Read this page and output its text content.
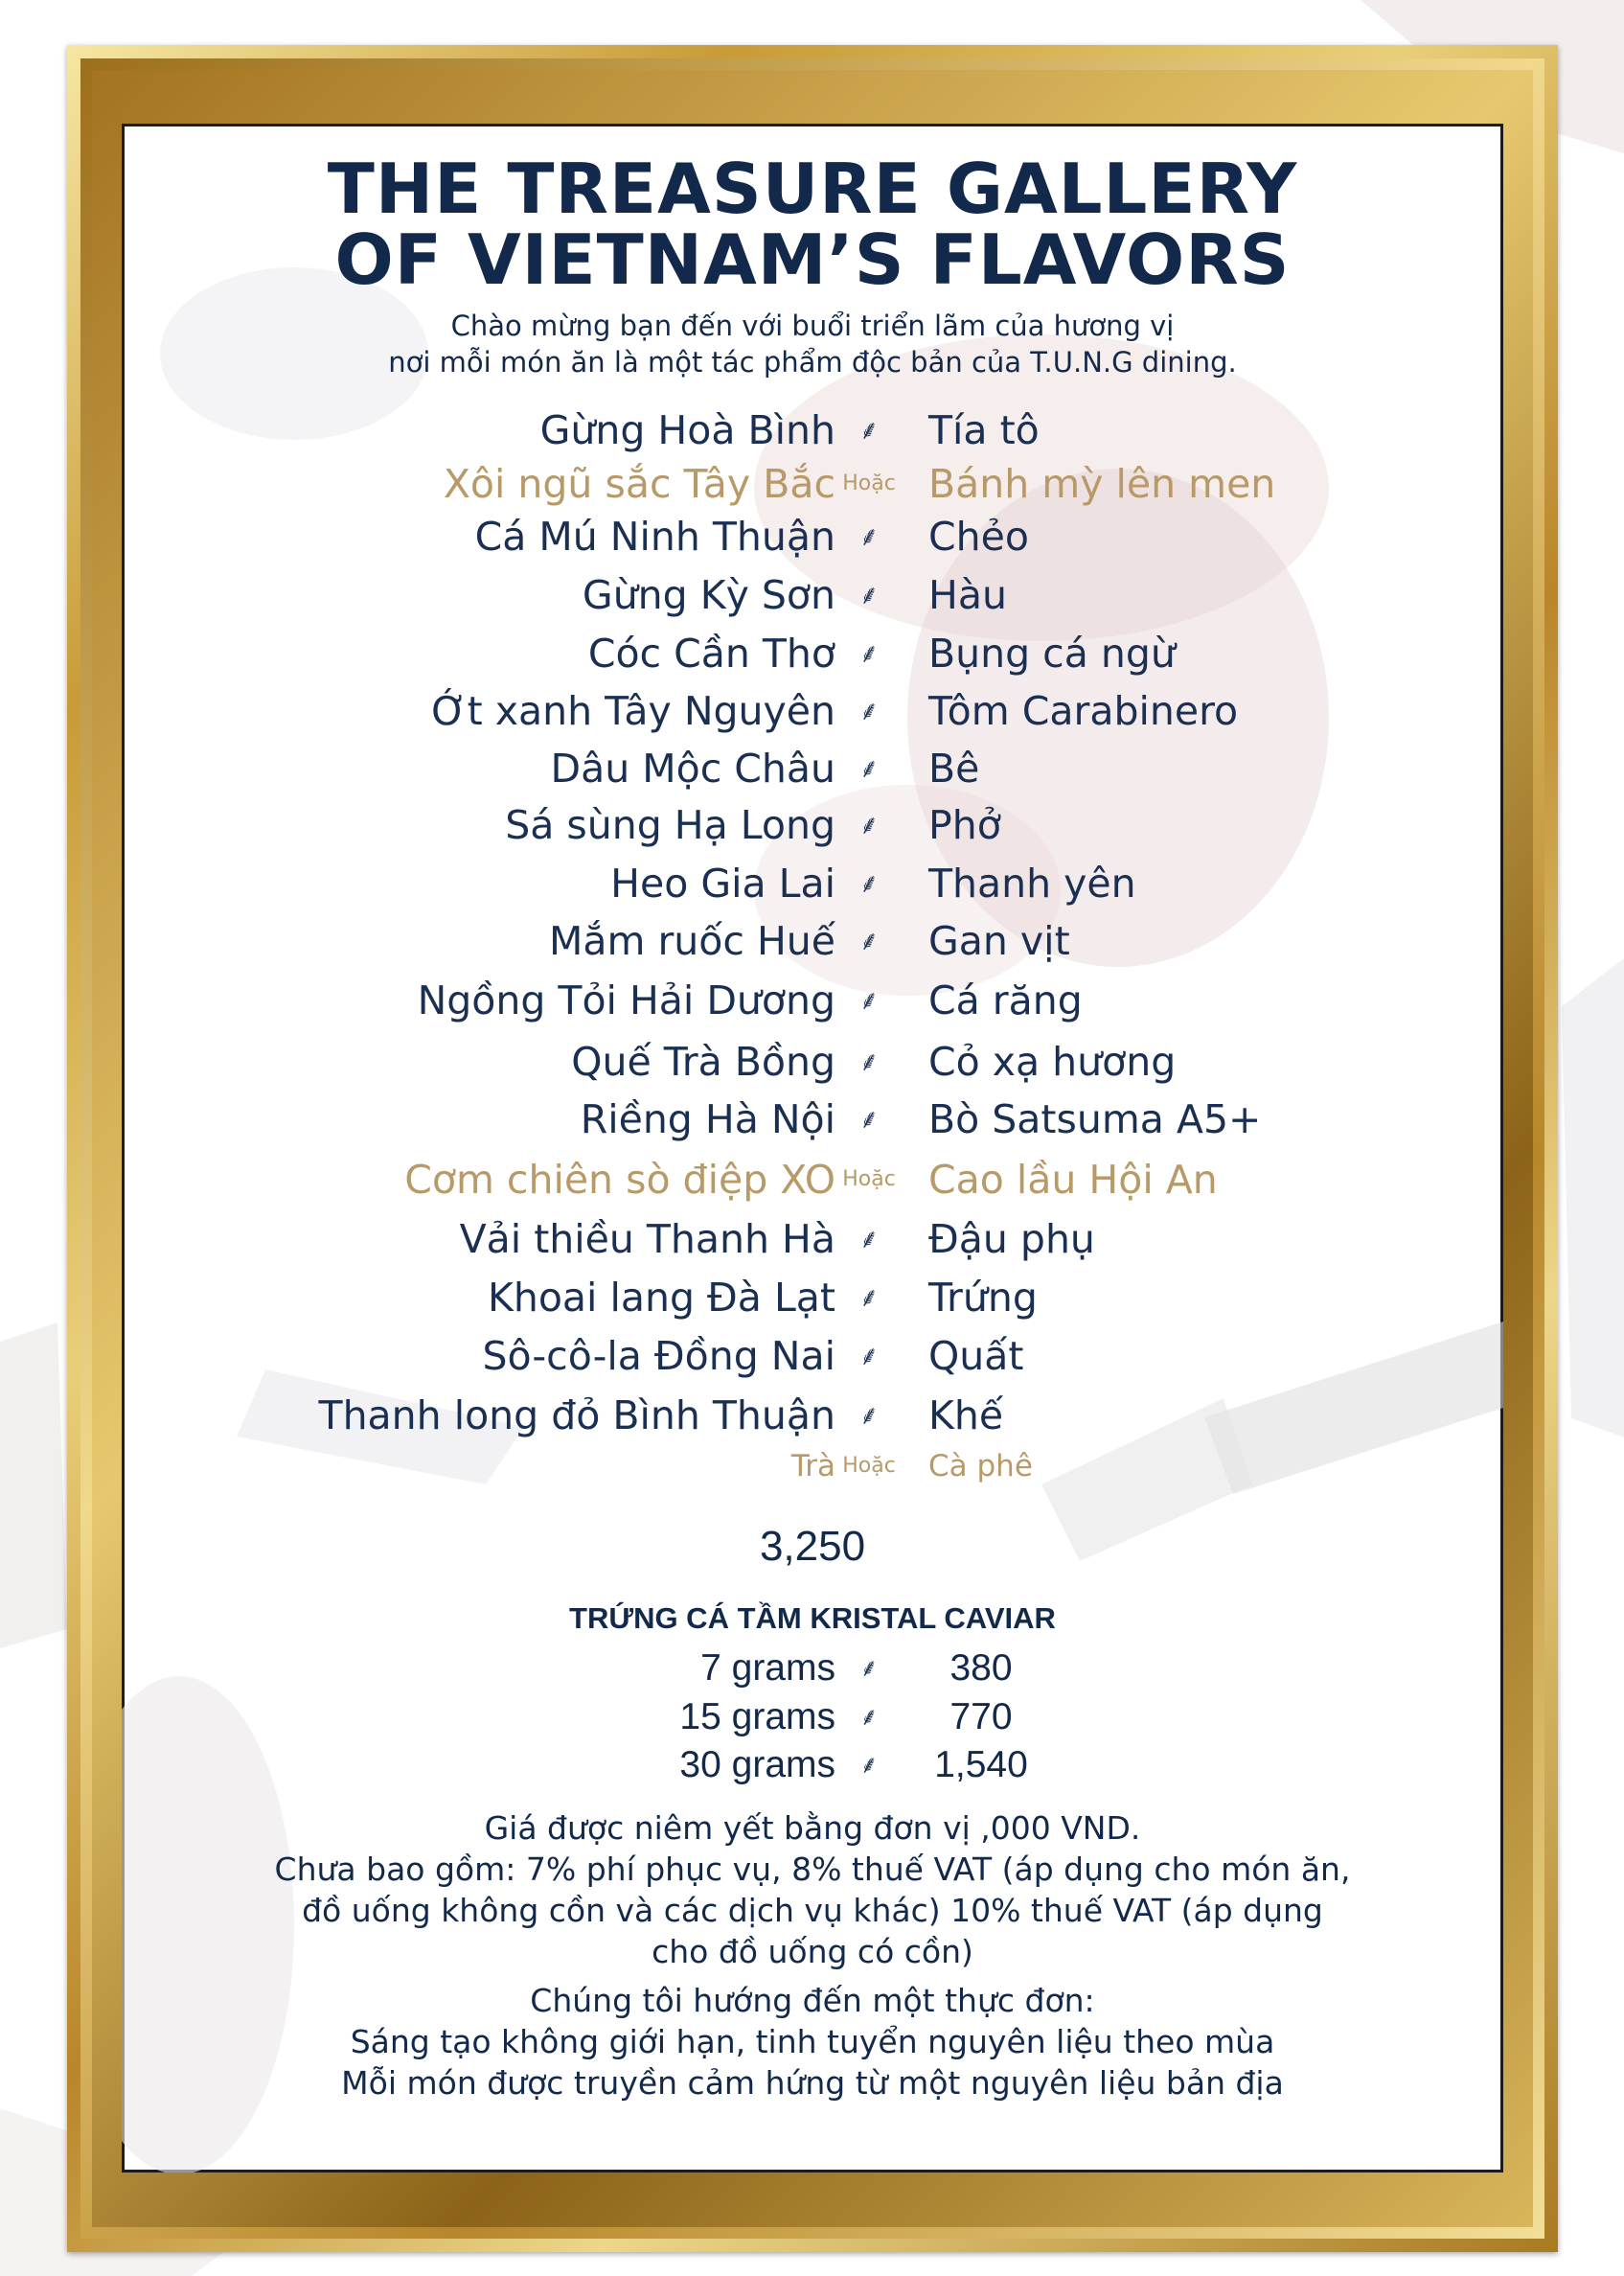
THE TREASURE GALLERY
OF VIETNAM’S FLAVORS
Chào mừng bạn đến với buổi triển lãm của hương vị
nơi mỗi món ăn là một tác phẩm độc bản của T.U.N.G dining.
Gừng Hoà Bình ⸙	Tía tô
Xôi ngũ sắc Tây Bắc Hoặc Bánh mỳ lên men
Cá Mú Ninh Thuận ⸙	Chẻo
Gừng Kỳ Sơn ⸙	Hàu
Cóc Cần Thơ ⸙	Bụng cá ngừ
Ớt xanh Tây Nguyên ⸙	Tôm Carabinero
Dâu Mộc Châu ⸙	Bê
Sá sùng Hạ Long ⸙	Phở
Heo Gia Lai ⸙	Thanh yên
Mắm ruốc Huế ⸙	Gan vịt
Ngồng Tỏi Hải Dương ⸙	Cá răng
Quế Trà Bồng ⸙	Cỏ xạ hương
Riềng Hà Nội ⸙	Bò Satsuma A5+
Cơm chiên sò điệp XO Hoặc Cao lầu Hội An
Vải thiều Thanh Hà ⸙	Đậu phụ
Khoai lang Đà Lạt ⸙	Trứng
Sô-cô-la Đồng Nai ⸙	Quất
Thanh long đỏ Bình Thuận ⸙	Khế
Trà Hoặc Cà phê
3,250
TRỨNG CÁ TẦM KRISTAL CAVIAR
7 grams ⸙	380
15 grams ⸙	770
30 grams ⸙	1,540
Giá được niêm yết bằng đơn vị ,000 VND.
Chưa bao gồm: 7% phí phục vụ, 8% thuế VAT (áp dụng cho món ăn,
đồ uống không cồn và các dịch vụ khác) 10% thuế VAT (áp dụng
cho đồ uống có cồn)
Chúng tôi hướng đến một thực đơn:
Sáng tạo không giới hạn, tinh tuyển nguyên liệu theo mùa
Mỗi món được truyền cảm hứng từ một nguyên liệu bản địa
